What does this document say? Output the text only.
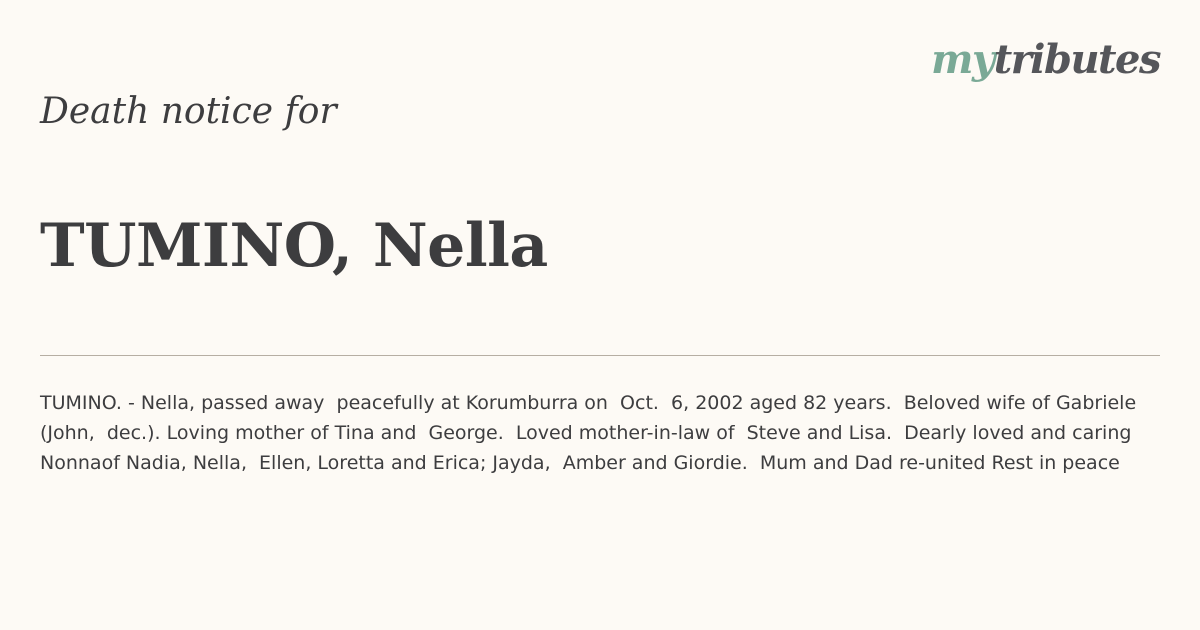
mytributes
Death notice for
TUMINO, Nella

TUMINO. - Nella, passed away  peacefully at Korumburra on  Oct.  6, 2002 aged 82 years.  Beloved wife of Gabriele (John,  dec.). Loving mother of Tina and  George.  Loved mother-in-law of  Steve and Lisa.  Dearly loved and caring Nonnaof Nadia, Nella,  Ellen, Loretta and Erica; Jayda,  Amber and Giordie.  Mum and Dad re-united Rest in peace
